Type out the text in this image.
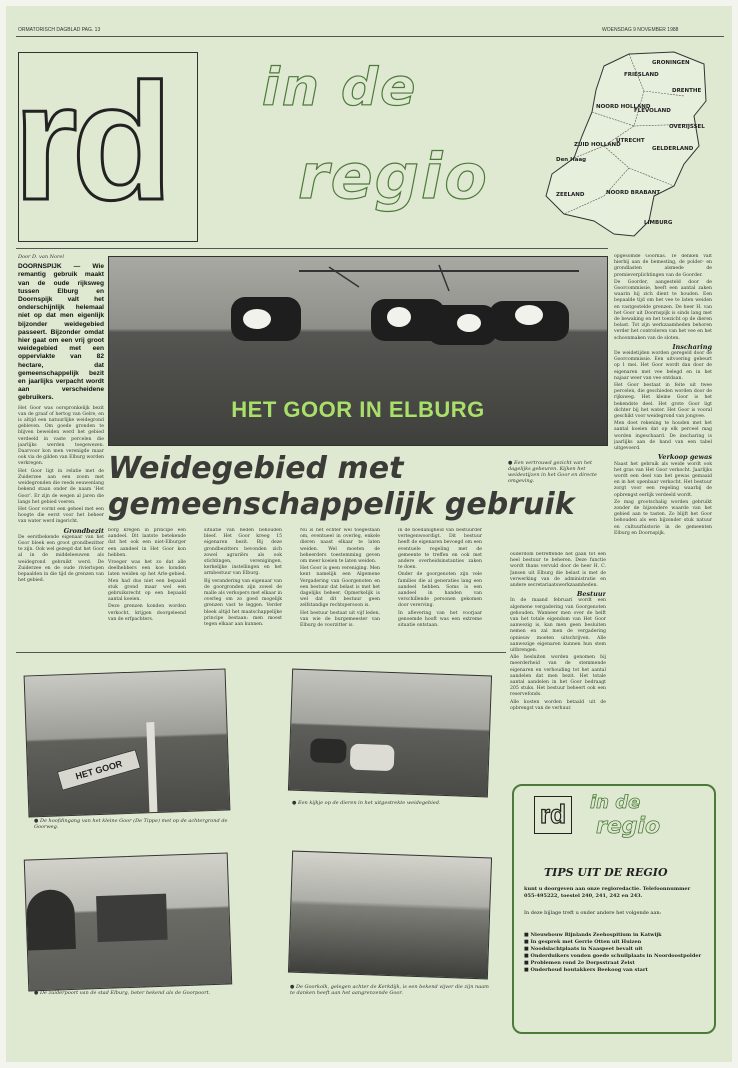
ORMATORISCH DAGBLAD PAG. 13	WOENSDAG 9 NOVEMBER 1988
rd	in de
regio
GRONINGEN
FRIESLAND
DRENTHE
NOORD HOLLAND
FLEVOLAND
OVERIJSSEL
UTRECHT
GELDERLAND
ZUID HOLLAND
Den Haag
ZEELAND	NOORD BRABANT
LIMBURG
Door D. van Norel
DOORNSPIJK — Wie remantig gebruik maakt van de oude rijksweg tussen Elburg en Doornspijk valt het onderschijnlijk helemaal niet op dat men eigenlijk bijzonder weidegebied passeert. Bijzonder omdat hier gaat om een vrij groot weidegebied met een oppervlakte van 82 hectare, dat gemeenschappelijk bezit en jaarlijks verpacht wordt aan verscheidene gebruikers.

Het Goor was oorspronkelijk bezit van de graaf of hertog van Gelre, en is altijd een natuurlijke weidegrond gebleven. Om goede gronden te blijven beweiden werd het gebied verdeeld in vaste percelen die jaarlijks werden toegewezen. Daarvoor kon men verenigde maar ook via de gilden van Elburg worden verkregen.

Het Goor ligt in relatie met de Zuiderzee aan een zoom met weidegronden die reeds eeuwenlang bekend staan onder de naam 'Het Goor'. Er zijn de wegen al jaren die langs het gebied voeren.

Het Goor vormt een geheel met een hoogte die eerst voor het beheer van water werd ingericht.

Grondbezit

De eerstbekende eigenaar van het Goor bleek een groot grondbezitter te zijn. Ook wel gezegd dat het Goor al in de middeleeuwen als weidegrond gebruikt werd. De Zuiderzee en de oude rivierlopen bepaalden in die tijd de grenzen van het gebied.

HET GOOR IN ELBURG
● Een vertrouwd gezicht van het dagelijks gebeuren. Kijken het weidestijzen in het Goor en directe omgeving.
Weidegebied met
gemeenschappelijk gebruik

borg kregen in principe een aandeel. Dit laatste betekende dat het ook een niet-Elburger een aandeel in Het Goor kon hebben.

Vroeger was het zo dat alle deelhebbers een koe konden laten weiden op het Arle-gebied. Men had dus niet een bepaald stuk grond maar wel een gebruiksrecht op een bepaald aantal koeien.

Deze grenzen konden worden verkocht, krijgen doorgeleend van de erfpachters.

situatie van heden behouden bleef. Het Goor kreeg 15 eigenaren bezit. Bij deze grondbezitters bevonden zich zowel agrariërs als ook stichtingen, verenigingen, kerkelijke instellingen en het armbestuur van Elburg.

Bij verandering van eigenaar van de goorgronden zijn zowel de malle als verkopers met elkaar in overleg om zo goed mogelijk grenzen vast te leggen. Verder bleek altijd het maatschappelijke principe bestaan: men moest tegen elkaar aan kunnen.

Nu is het echter wel toegestaan om, eventueel in overleg, enkele dieren naast elkaar te laten weiden. Wel moeten de beheerders toestemming geven om meer koeien te laten weiden.

Het Goor is geen vereniging. Men kent namelijk een Algemene Vergadering van Goorgenoten en een bestuur dat belast is met het dagelijks beheer. Opmerkelijk is wel dat dit bestuur geen zelfstandige rechtspersoon is.

Het bestuur bestaat uit vijf leden, van wie de burgemeester van Elburg de voorzitter is.

in de hoedanigheid van bestuurder vertegenwoordigt. Dit bestuur heeft de eigenaren bevoegd om een eventuele regeling met de gemeente te treffen en ook met andere overheidsinstanties zaken te doen.

Onder de goorgenoten zijn vele families die al generaties lang een aandeel hebben. Soms is een aandeel in handen van verschillende personen gekomen door vererving.

In aflevering van het voorjaar genoemde hooft was een extreme situatie ontstaan.

ouderdom betreffende het gaan tot een heel bestuur te beheren. Deze functie wordt thans vervuld door de heer H. C. Jansen uit Elburg die belast is met de verwerking van de administratie en andere secretariaatswerkzaamheden.

Bestuur

In de maand februari wordt een algemene vergadering van Goorgenoten gehouden. Wanneer men over de helft van het totale eigendom van Het Goor aanwezig is, kan men geen besluiten nemen en zal men de vergadering opnieuw moeten uitschrijven. Alle aanwezige eigenaren kunnen hun stem uitbrengen.

Alle besluiten worden genomen bij meerderheid van de stemmende eigenaren en verhouding tot het aantal aandelen dat men bezit. Het totale aantal aandelen in het Goor bedraagt 205 stuks. Het bestuur beheert ook een reservefonds.

Alle kosten worden betaald uit de opbrengst van de verhuur.

opgesomde Goorkas. Te denken valt hierbij aan de bemesting, de polder- en grondlasten alsmede de premieverplichtingen van de Goorder.

De Goorder, aangesteld door de Goorcommissie, heeft een aantal zaken waarin hij zich dient te houden. Een bepaalde tijd om het vee te laten weiden en vastgestelde grenzen. De heer H. van het Goor uit Doornspijk is sinds lang met de bewaking en het toezicht op de dieren belast. Tot zijn werkzaamheden behoren verder het controleren van het vee en het schoonmaken van de sloten.

Inscharing

De weidetijden worden geregeld door de Goorcommissie. Een uitvoering gebeurt op 1 mei. Het Goor wordt dan door de eigenaren met vee belegd en in het najaar weer van vee ontdaan.

Het Goor bestaat in feite uit twee percelen, die geschieden worden door de rijksweg. Het kleine Goor is het bekendste deel. Het grote Goor ligt dichter bij het water. Het Goor is vooral geschikt voor weidegrond van jongvee.

Men doet rekening te houden met het aantal koeien dat op elk perceel mag worden ingeschaard. De inscharing is jaarlijks aan de hand van een tabel uitgevoerd.

Verkoop gewas

Naast het gebruik als weide wordt ook het gras van Het Goor verkocht. Jaarlijks wordt een deel van het gewas gemaaid en in het openbaar verkocht. Het bestuur zorgt voor een regeling waarbij de opbrengst eerlijk verdeeld wordt.

Ze mag grootschalig worden gebruikt zonder de bijzondere waarde van het gebied aan te tasten. Zo blijft het Goor behouden als een bijzonder stuk natuur en cultuurhistorie in de gemeenten Elburg en Doornspijk.

HET GOOR
● De hoofdingang van het kleine Goor (De Tippe) met op de achtergrond de Goorweg.
● Een kijkje op de dieren in het uitgestrekte weidegebied.
● De zuiderpoort van de stad Elburg, beter bekend als de Goorpoort.
● De Goorkolk, gelegen achter de Kerkdijk, is een bekend vijver die zijn naam te danken heeft aan het aangrenzende Goor.
rd	in de
regio
TIPS UIT DE REGIO
kunt u doorgeven aan onze regioredactie. Telefoonnummer 055-495222, toestel 240, 241, 242 en 243.
In deze bijlage treft u onder andere het volgende aan:
■ Nieuwbouw Rijnlands Zeehospitium in Katwijk
■ In gesprek met Gerrie Otten uit Huizen
■ Noodslachtplaats in Naaspeet bevalt uit
■ Onderduikers vonden goede schuilplaats in Noordoostpolder
■ Problemen rond 2e Dorpsstraat Zeist
■ Onderhoud houtakkers Beekoog van start
